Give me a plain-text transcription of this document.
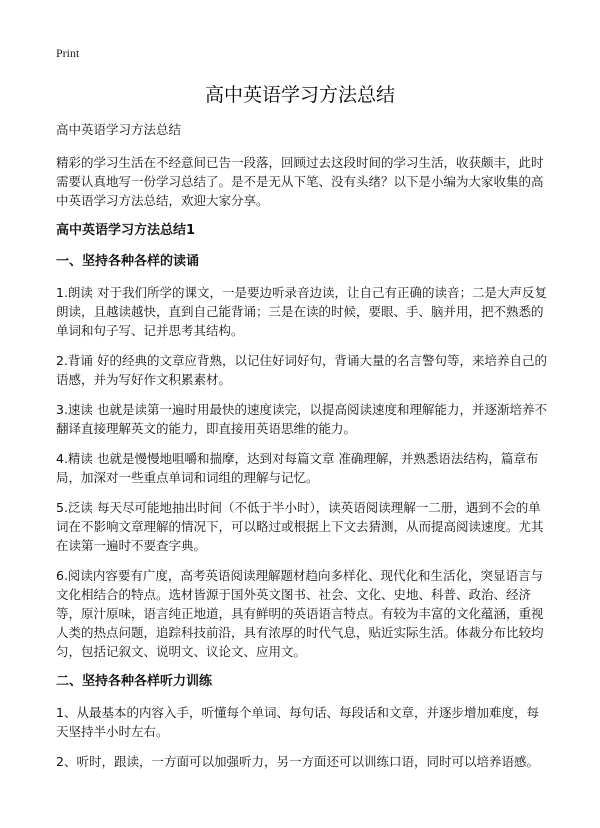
Print
高中英语学习方法总结

高中英语学习方法总结

精彩的学习生活在不经意间已告一段落，回顾过去这段时间的学习生活，收获颇丰，此时需要认真地写一份学习总结了。是不是无从下笔、没有头绪？以下是小编为大家收集的高中英语学习方法总结，欢迎大家分享。

高中英语学习方法总结1
一、坚持各种各样的读诵

1.朗读 对于我们所学的课文，一是要边听录音边读，让自己有正确的读音；二是大声反复朗读，且越读越快，直到自己能背诵；三是在读的时候，要眼、手、脑并用，把不熟悉的单词和句子写、记并思考其结构。

2.背诵 好的经典的文章应背熟，以记住好词好句，背诵大量的名言警句等，来培养自己的语感，并为写好作文积累素材。

3.速读 也就是读第一遍时用最快的速度读完，以提高阅读速度和理解能力，并逐渐培养不翻译直接理解英文的能力，即直接用英语思维的能力。

4.精读 也就是慢慢地咀嚼和揣摩，达到对每篇文章 准确理解，并熟悉语法结构，篇章布局，加深对一些重点单词和词组的理解与记忆。

5.泛读 每天尽可能地抽出时间（不低于半小时），读英语阅读理解一二册，遇到不会的单词在不影响文章理解的情况下，可以略过或根据上下文去猜测，从而提高阅读速度。尤其在读第一遍时不要查字典。

6.阅读内容要有广度，高考英语阅读理解题材趋向多样化、现代化和生活化，突显语言与文化相结合的特点。选材皆源于国外英文图书、社会、文化、史地、科普、政治、经济等，原汁原味，语言纯正地道，具有鲜明的英语语言特点。有较为丰富的文化蕴涵，重视人类的热点问题，追踪科技前沿，具有浓厚的时代气息，贴近实际生活。体裁分布比较均匀，包括记叙文、说明文、议论文、应用文。

二、坚持各种各样听力训练

1、从最基本的内容入手，听懂每个单词、每句话、每段话和文章，并逐步增加难度，每天坚持半小时左右。

2、听时，跟读，一方面可以加强听力，另一方面还可以训练口语，同时可以培养语感。
